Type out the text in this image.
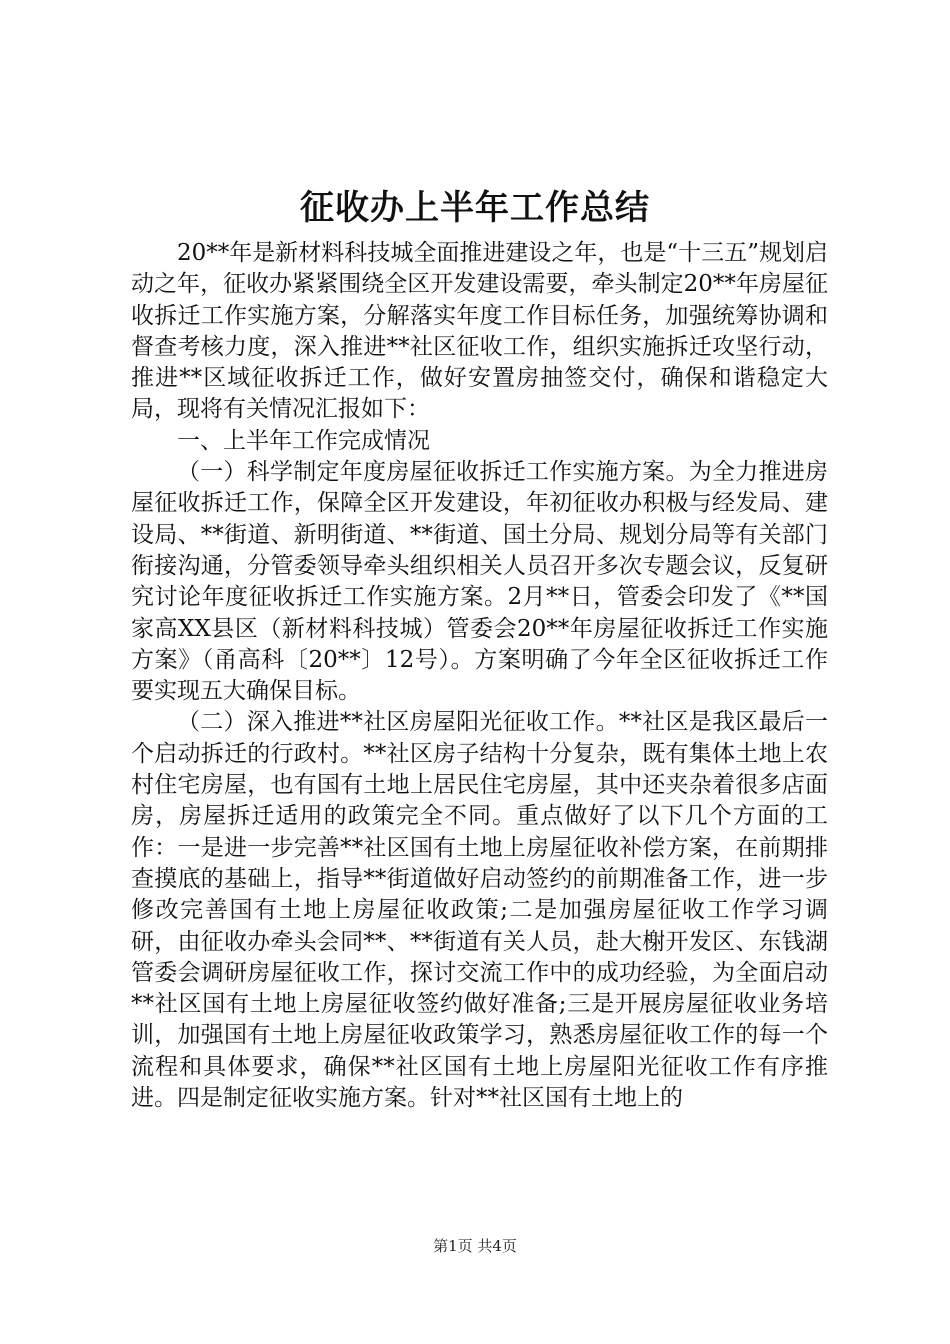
征收办上半年工作总结

20**年是新材料科技城全面推进建设之年，也是“十三五”规划启动之年，征收办紧紧围绕全区开发建设需要，牵头制定20**年房屋征收拆迁工作实施方案，分解落实年度工作目标任务，加强统筹协调和督查考核力度，深入推进**社区征收工作，组织实施拆迁攻坚行动，推进**区域征收拆迁工作，做好安置房抽签交付，确保和谐稳定大局，现将有关情况汇报如下：

一、上半年工作完成情况

（一）科学制定年度房屋征收拆迁工作实施方案。为全力推进房屋征收拆迁工作，保障全区开发建设，年初征收办积极与经发局、建设局、**街道、新明街道、**街道、国土分局、规划分局等有关部门衔接沟通，分管委领导牵头组织相关人员召开多次专题会议，反复研究讨论年度征收拆迁工作实施方案。2月**日，管委会印发了《**国家高XX县区（新材料科技城）管委会20**年房屋征收拆迁工作实施方案》（甬高科〔20**〕12号）。方案明确了今年全区征收拆迁工作要实现五大确保目标。

（二）深入推进**社区房屋阳光征收工作。**社区是我区最后一个启动拆迁的行政村。**社区房子结构十分复杂，既有集体土地上农村住宅房屋，也有国有土地上居民住宅房屋，其中还夹杂着很多店面房，房屋拆迁适用的政策完全不同。重点做好了以下几个方面的工作：一是进一步完善**社区国有土地上房屋征收补偿方案，在前期排查摸底的基础上，指导**街道做好启动签约的前期准备工作，进一步修改完善国有土地上房屋征收政策;二是加强房屋征收工作学习调研，由征收办牵头会同**、**街道有关人员，赴大榭开发区、东钱湖管委会调研房屋征收工作，探讨交流工作中的成功经验，为全面启动**社区国有土地上房屋征收签约做好准备;三是开展房屋征收业务培训，加强国有土地上房屋征收政策学习，熟悉房屋征收工作的每一个流程和具体要求，确保**社区国有土地上房屋阳光征收工作有序推进。四是制定征收实施方案。针对**社区国有土地上的

第1页 共4页
